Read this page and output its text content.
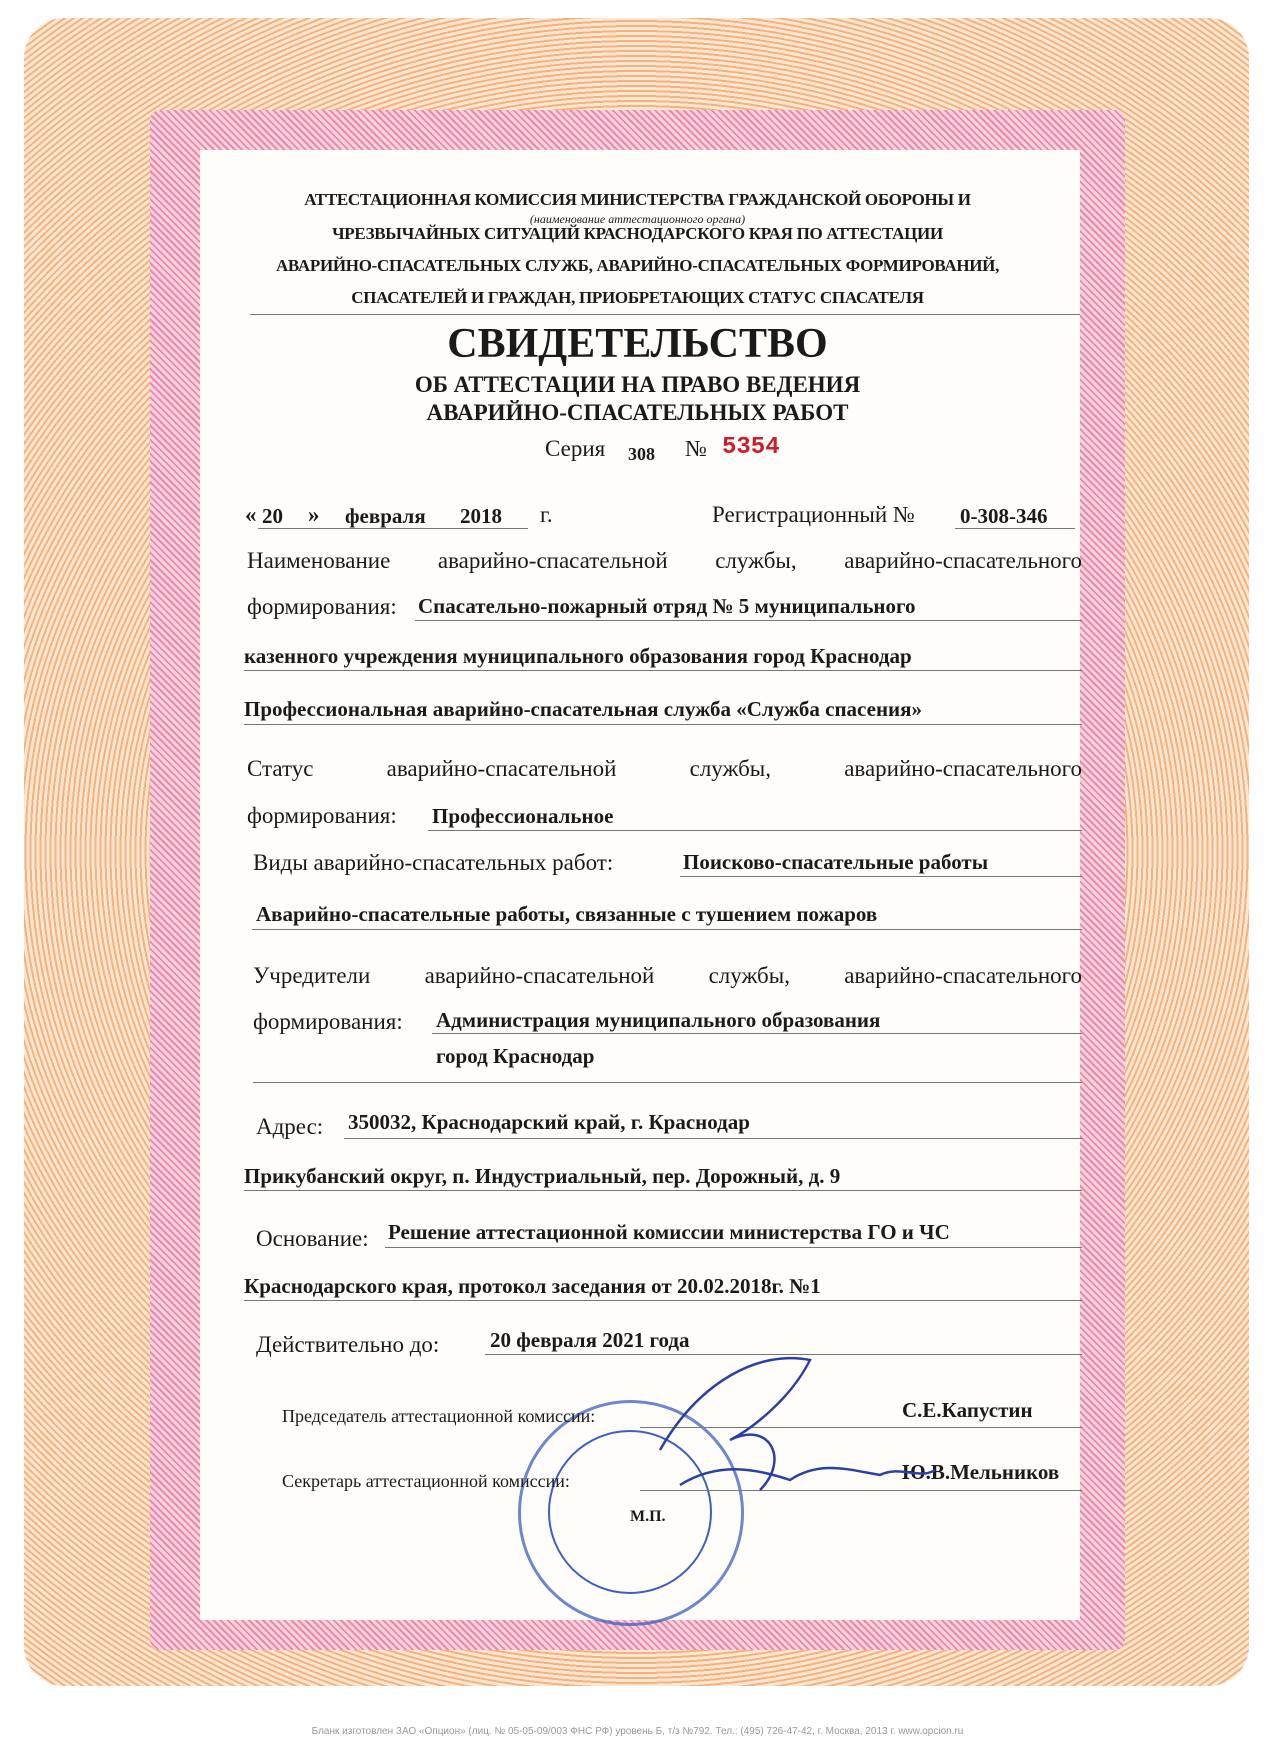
АТТЕСТАЦИОННАЯ КОМИССИЯ МИНИСТЕРСТВА ГРАЖДАНСКОЙ ОБОРОНЫ И
(наименование аттестационного органа)
ЧРЕЗВЫЧАЙНЫХ СИТУАЦИЙ КРАСНОДАРСКОГО КРАЯ ПО АТТЕСТАЦИИ
АВАРИЙНО-СПАСАТЕЛЬНЫХ СЛУЖБ, АВАРИЙНО-СПАСАТЕЛЬНЫХ ФОРМИРОВАНИЙ,
СПАСАТЕЛЕЙ И ГРАЖДАН, ПРИОБРЕТАЮЩИХ СТАТУС СПАСАТЕЛЯ
СВИДЕТЕЛЬСТВО
ОБ АТТЕСТАЦИИ НА ПРАВО ВЕДЕНИЯ
АВАРИЙНО-СПАСАТЕЛЬНЫХ РАБОТ
Серия 308 № 5354
« 20 » февраля 2018 г.	Регистрационный № 0-308-346
Наименование аварийно-спасательной службы, аварийно-спасательного
формирования: Спасательно-пожарный отряд № 5 муниципального
казенного учреждения муниципального образования город Краснодар
Профессиональная аварийно-спасательная служба «Служба спасения»
Статус аварийно-спасательной службы, аварийно-спасательного
формирования: Профессиональное
Виды аварийно-спасательных работ:	Поисково-спасательные работы
Аварийно-спасательные работы, связанные с тушением пожаров
Учредители аварийно-спасательной службы, аварийно-спасательного
формирования: Администрация муниципального образования
город Краснодар
Адрес: 350032, Краснодарский край, г. Краснодар
Прикубанский округ, п. Индустриальный, пер. Дорожный, д. 9
Основание: Решение аттестационной комиссии министерства ГО и ЧС
Краснодарского края, протокол заседания от 20.02.2018г. №1
Действительно до: 20 февраля 2021 года
М.П.
Председатель аттестационной комиссии:	С.Е.Капустин
Секретарь аттестационной комиссии:	Ю.В.Мельников
Бланк изготовлен ЗАО «Опцион» (лиц. № 05-05-09/003 ФНС РФ) уровень Б, т/з №792. Тел.: (495) 726-47-42, г. Москва, 2013 г. www.opcion.ru
